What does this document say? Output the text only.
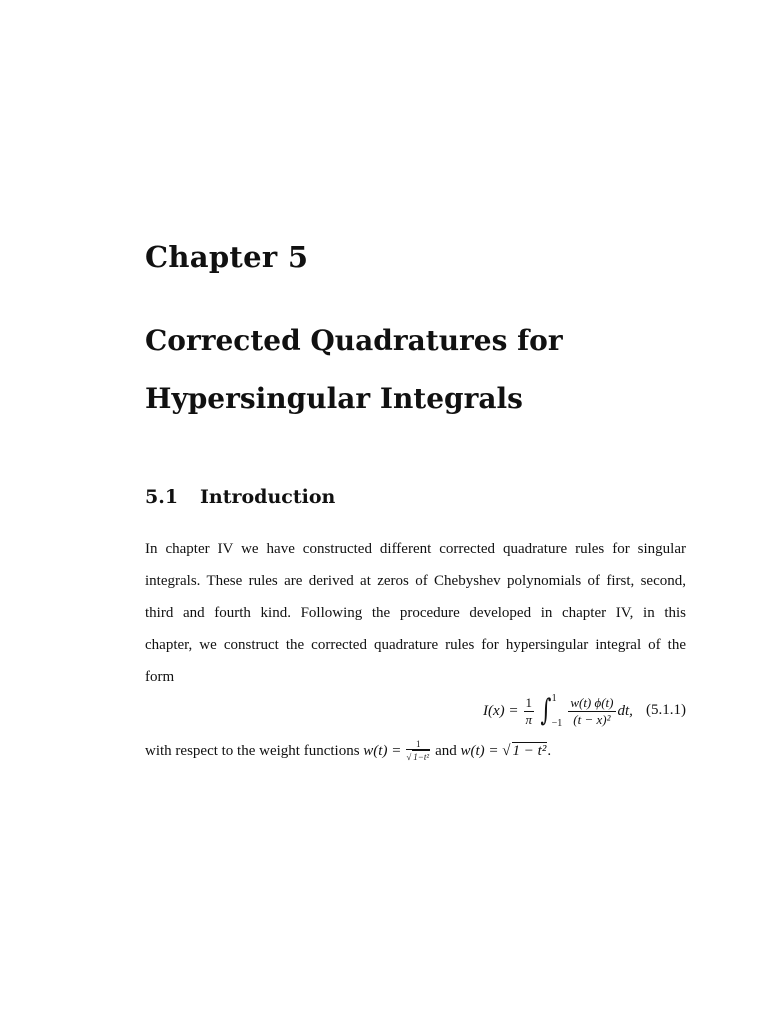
Chapter 5
Corrected Quadratures for
Hypersingular Integrals
5.1 Introduction
In chapter IV we have constructed different corrected quadrature rules for singular
integrals. These rules are derived at zeros of Chebyshev polynomials of first, second,
third and fourth kind. Following the procedure developed in chapter IV, in this
chapter, we construct the corrected quadrature rules for hypersingular integral of the
form
$I(x) = \frac{1}{\pi}$ ∫ 1
$-1 \frac{w(t) \phi(t)}{\text{(t − x)²}}$ dt, (5.1.1)
with respect to the weight functions
$w(t) = \frac{1}{\text{√ 1−t²}}$ and
w(t) =
√ 1 − t² .
